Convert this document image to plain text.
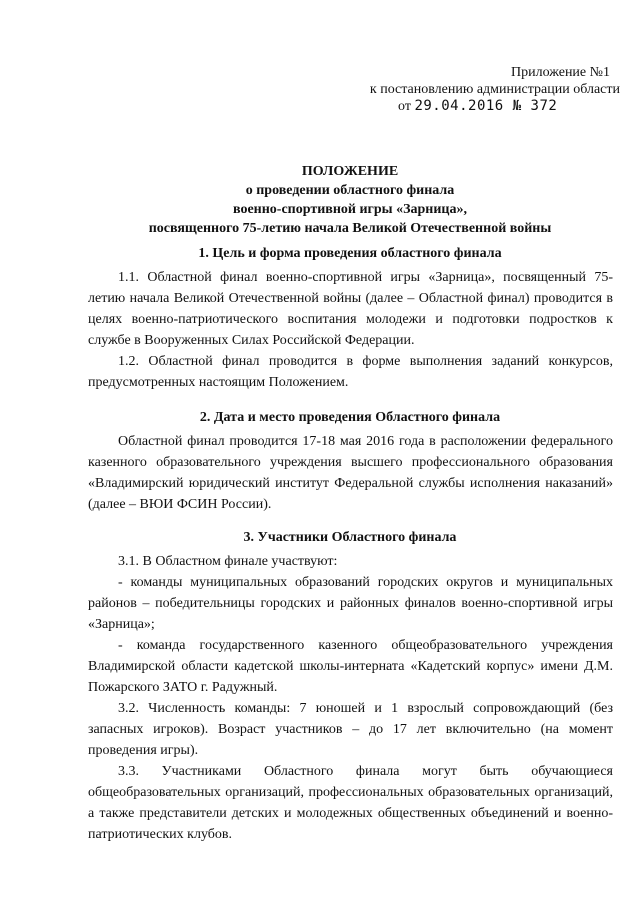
Приложение №1
к постановлению администрации области
от 29.04.2016 № 372
ПОЛОЖЕНИЕ
о проведении областного финала
военно-спортивной игры «Зарница»,
посвященного 75-летию начала Великой Отечественной войны
1. Цель и форма проведения областного финала
1.1. Областной финал военно-спортивной игры «Зарница», посвященный 75-летию начала Великой Отечественной войны (далее – Областной финал) проводится в целях военно-патриотического воспитания молодежи и подготовки подростков к службе в Вооруженных Силах Российской Федерации.
1.2. Областной финал проводится в форме выполнения заданий конкурсов, предусмотренных настоящим Положением.
2. Дата и место проведения Областного финала
Областной финал проводится 17-18 мая 2016 года в расположении федерального казенного образовательного учреждения высшего профессионального образования «Владимирский юридический институт Федеральной службы исполнения наказаний» (далее – ВЮИ ФСИН России).
3. Участники Областного финала
3.1. В Областном финале участвуют:
- команды муниципальных образований городских округов и муниципальных районов – победительницы городских и районных финалов военно-спортивной игры «Зарница»;
- команда государственного казенного общеобразовательного учреждения Владимирской области кадетской школы-интерната «Кадетский корпус» имени Д.М. Пожарского ЗАТО г. Радужный.
3.2. Численность команды: 7 юношей и 1 взрослый сопровождающий (без запасных игроков). Возраст участников – до 17 лет включительно (на момент проведения игры).
3.3. Участниками Областного финала могут быть обучающиеся общеобразовательных организаций, профессиональных образовательных организаций, а также представители детских и молодежных общественных объединений и военно-патриотических клубов.
